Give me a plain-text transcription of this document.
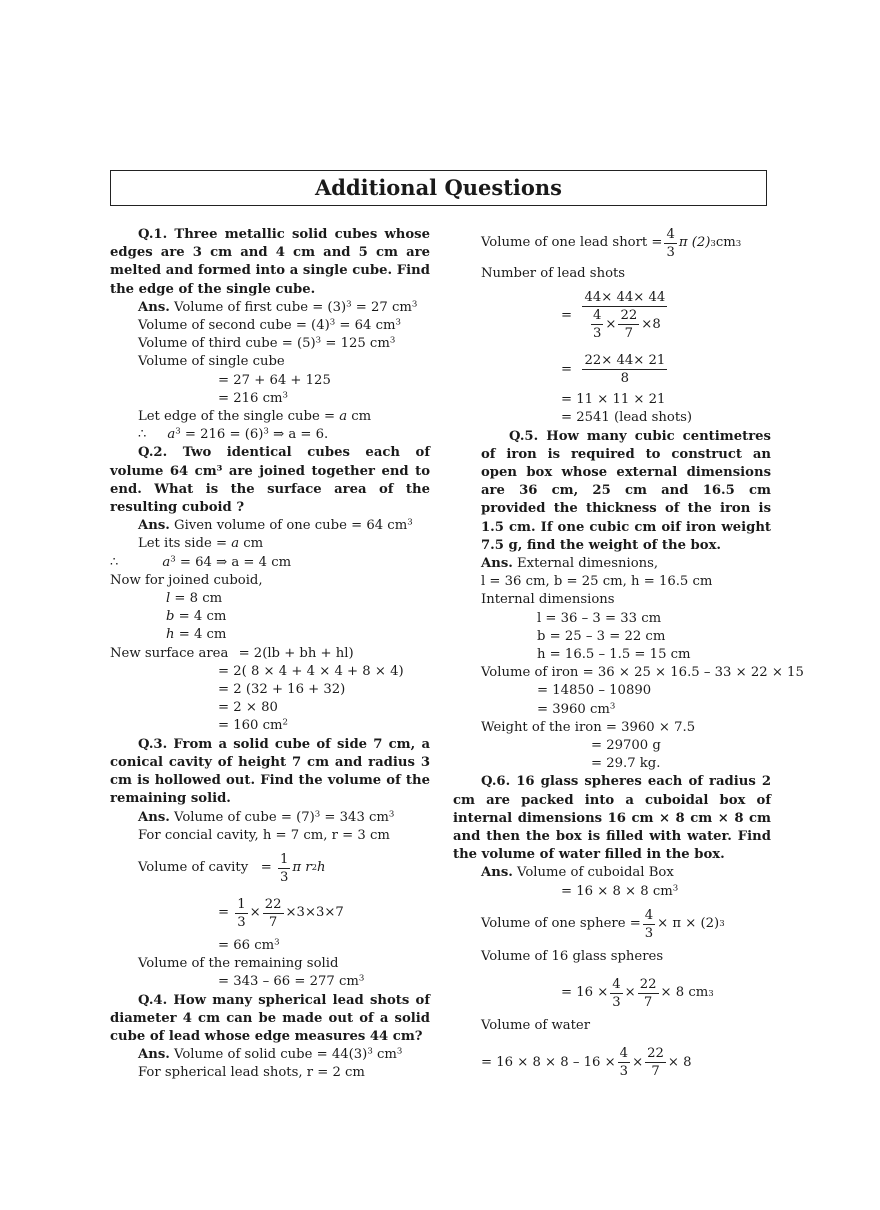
Additional Questions
Q.1. Three metallic solid cubes whose edges are 3 cm and 4 cm and 5 cm are melted and formed into a single cube. Find the edge of the single cube.
Ans. Volume of first cube = $(3)^3 = 27$ $cm^3$
Volume of second cube = $(4)^3 = 64$ $cm^3$
Volume of third cube = $(5)^3 = 125$ $cm^3$
Volume of single cube
= 27 + 64 + 125
= 216 $cm^3$
Let edge of the single cube = a cm
∴ $a^3 = 216 = (6)^3$ ⇒ a = 6.
Q.2. Two identical cubes each of volume 64 cm³ are joined together end to end. What is the surface area of the resulting cuboid ?
Ans. Given volume of one cube = 64 $cm^3$
Let its side = a cm
∴	$a^3 = 64$ ⇒ a = 4 cm
Now for joined cuboid,
l = 8 cm
b = 4 cm
h = 4 cm
New surface area = 2(lb + bh + hl)
= 2( 8 × 4 + 4 × 4 + 8 × 4)
= 2 (32 + 16 + 32)
= 2 × 80
= 160 $cm^2$
Q.3. From a solid cube of side 7 cm, a conical cavity of height 7 cm and radius 3 cm is hollowed out. Find the volume of the remaining solid.
Ans. Volume of cube = $(7)^3 = 343$ $cm^3$
For concial cavity, h = 7 cm, r = 3 cm
Volume of cavity
=
$\frac{1}{3}$ π r 2 h
=
$\frac{1}{3} \times \frac{22}{7} \times 3\times 3\times 7$
= 66 $cm^3$
Volume of the remaining solid
= 343 – 66 = 277 $cm^3$
Q.4. How many spherical lead shots of diameter 4 cm can be made out of a solid cube of lead whose edge measures 44 cm?
Ans. Volume of solid cube = $44(3)^3$ $cm^3$
For spherical lead shots, r = 2 cm
Volume of one lead short = $\frac{4}{3}$ π (2) 3 cm 3
Number of lead shots
=
$\frac{44\times 44\times 44}{\frac{4}{3} \times \frac{22}{7} \times 8}$
=
$\frac{22\times 44\times 21}{8}$
= 11 × 11 × 21
= 2541 (lead shots)
Q.5. How many cubic centimetres of iron is required to construct an open box whose external dimensions are 36 cm, 25 cm and 16.5 cm provided the thickness of the iron is 1.5 cm. If one cubic cm oif iron weight 7.5 g, find the weight of the box.
Ans. External dimesnions,
l = 36 cm, b = 25 cm, h = 16.5 cm
Internal dimensions
l = 36 – 3 = 33 cm
b = 25 – 3 = 22 cm
h = 16.5 – 1.5 = 15 cm
Volume of iron = 36 × 25 × 16.5 – 33 × 22 × 15
= 14850 – 10890
= 3960 $cm^3$
Weight of the iron = 3960 × 7.5
= 29700 g
= 29.7 kg.
Q.6. 16 glass spheres each of radius 2 cm are packed into a cuboidal box of internal dimensions 16 cm × 8 cm × 8 cm and then the box is filled with water. Find the volume of water filled in the box.
Ans. Volume of cuboidal Box
= 16 × 8 × 8 $cm^3$
Volume of one sphere = $\frac{4}{3} \times \pi \times (2)$ 3
Volume of 16 glass spheres
= $16 \times \frac{4}{3} \times \frac{22}{7} \times 8$ cm 3
Volume of water
= $16 \times 8 \times 8 - 16 \times \frac{4}{3} \times \frac{22}{7} \times 8$
